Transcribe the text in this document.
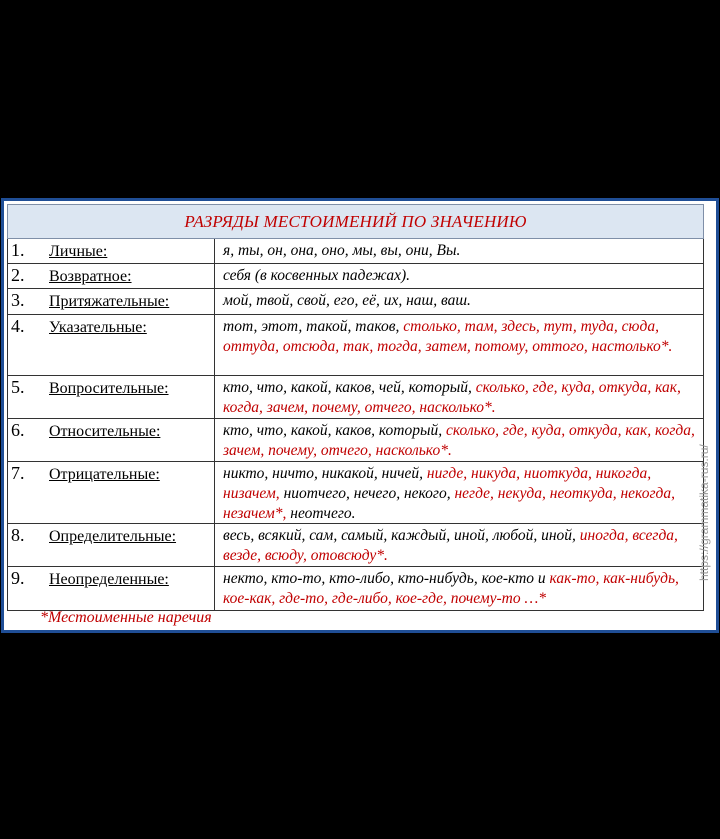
РАЗРЯДЫ МЕСТОИМЕНИЙ ПО ЗНАЧЕНИЮ
1. Личные:	я, ты, он, она, оно, мы, вы, они, Вы.
2. Возвратное:	себя (в косвенных падежах).
3. Притяжательные:	мой, твой, свой, его, её, их, наш, ваш.
4. Указательные:	тот, этот, такой, таков, столько, там, здесь, тут, туда, сюда, оттуда, отсюда, так, тогда, затем, потому, оттого, настолько*.
5. Вопросительные:	кто, что, какой, каков, чей, который, сколько, где, куда, откуда, как, когда, зачем, почему, отчего, насколько*.
6. Относительные:	кто, что, какой, каков, который, сколько, где, куда, откуда, как, когда, зачем, почему, отчего, насколько*.
7. Отрицательные:	никто, ничто, никакой, ничей, нигде, никуда, ниоткуда, никогда, низачем, ниотчего, нечего, некого, негде, некуда, неоткуда, некогда, незачем*, неотчего.
8. Определительные:	весь, всякий, сам, самый, каждый, иной, любой, иной, иногда, всегда, везде, всюду, отовсюду*.
9. Неопределенные:	некто, кто-то, кто-либо, кто-нибудь, кое-кто и как-то, как-нибудь, кое-как, где-то, где-либо, кое-где, почему-то …*
*Местоименные наречия
https://grammatika-rus.ru/
